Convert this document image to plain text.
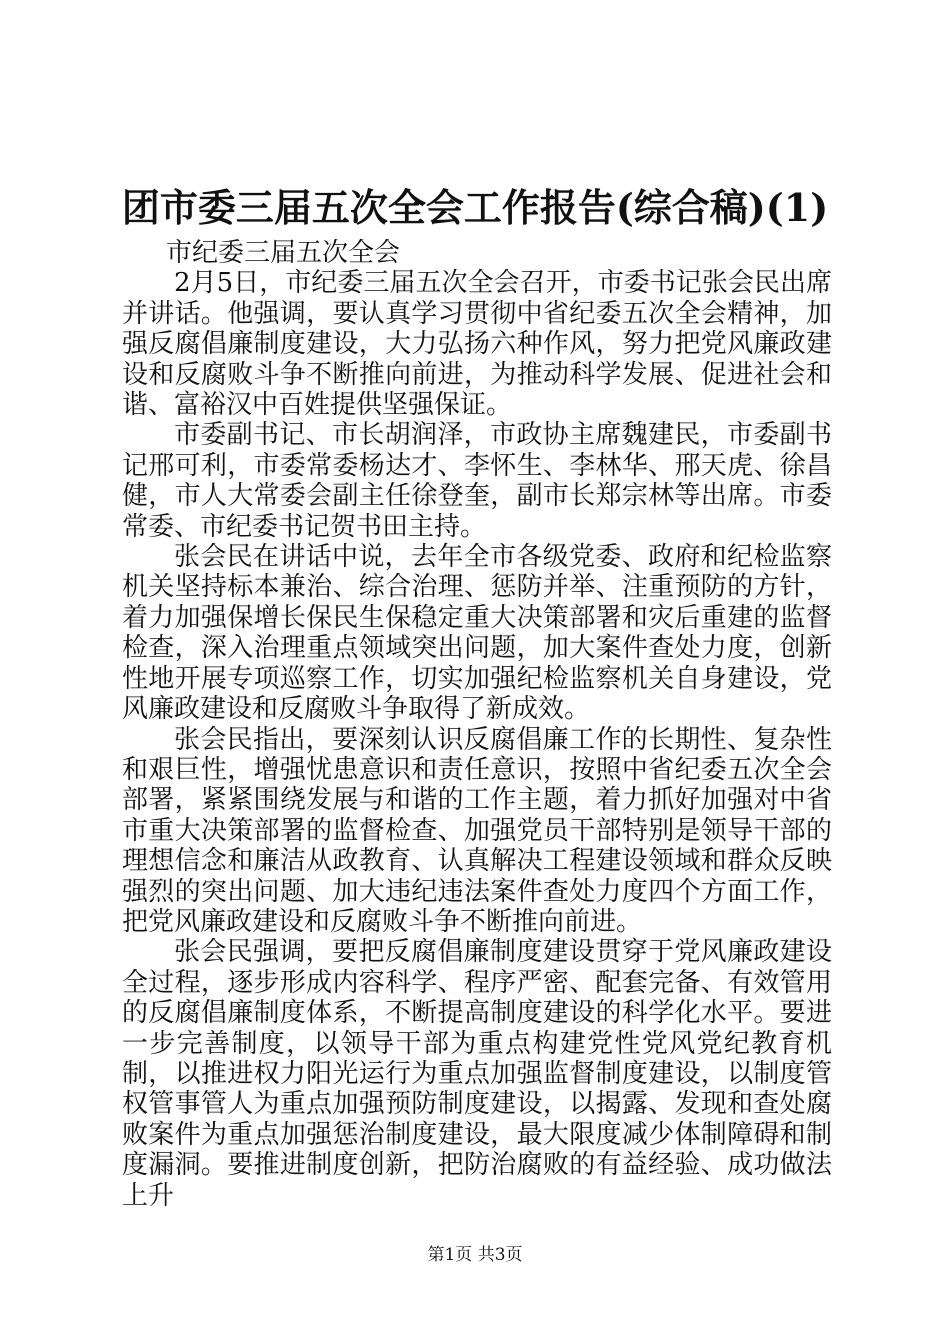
团市委三届五次全会工作报告(综合稿)(1)

市纪委三届五次全会

2月5日，市纪委三届五次全会召开，市委书记张会民出席并讲话。他强调，要认真学习贯彻中省纪委五次全会精神，加强反腐倡廉制度建设，大力弘扬六种作风，努力把党风廉政建设和反腐败斗争不断推向前进，为推动科学发展、促进社会和谐、富裕汉中百姓提供坚强保证。

市委副书记、市长胡润泽，市政协主席魏建民，市委副书记邢可利，市委常委杨达才、李怀生、李林华、邢天虎、徐昌健，市人大常委会副主任徐登奎，副市长郑宗林等出席。市委常委、市纪委书记贺书田主持。

张会民在讲话中说，去年全市各级党委、政府和纪检监察机关坚持标本兼治、综合治理、惩防并举、注重预防的方针，着力加强保增长保民生保稳定重大决策部署和灾后重建的监督检查，深入治理重点领域突出问题，加大案件查处力度，创新性地开展专项巡察工作，切实加强纪检监察机关自身建设，党风廉政建设和反腐败斗争取得了新成效。

张会民指出，要深刻认识反腐倡廉工作的长期性、复杂性和艰巨性，增强忧患意识和责任意识，按照中省纪委五次全会部署，紧紧围绕发展与和谐的工作主题，着力抓好加强对中省市重大决策部署的监督检查、加强党员干部特别是领导干部的理想信念和廉洁从政教育、认真解决工程建设领域和群众反映强烈的突出问题、加大违纪违法案件查处力度四个方面工作，把党风廉政建设和反腐败斗争不断推向前进。

张会民强调，要把反腐倡廉制度建设贯穿于党风廉政建设全过程，逐步形成内容科学、程序严密、配套完备、有效管用的反腐倡廉制度体系，不断提高制度建设的科学化水平。要进一步完善制度，以领导干部为重点构建党性党风党纪教育机制，以推进权力阳光运行为重点加强监督制度建设，以制度管权管事管人为重点加强预防制度建设，以揭露、发现和查处腐败案件为重点加强惩治制度建设，最大限度减少体制障碍和制度漏洞。要推进制度创新，把防治腐败的有益经验、成功做法上升

第1页 共3页
